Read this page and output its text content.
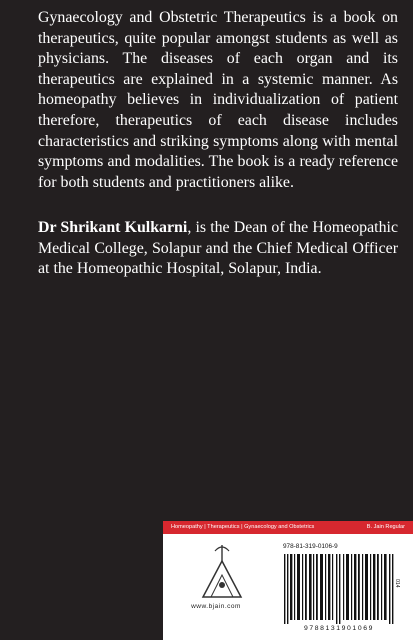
Gynaecology and Obstetric Therapeutics is a book on therapeutics, quite popular amongst students as well as physicians. The diseases of each organ and its therapeutics are explained in a systemic manner. As homeopathy believes in individualization of patient therefore, therapeutics of each disease includes characteristics and striking symptoms along with mental symptoms and modalities. The book is a ready reference for both students and practitioners alike.

Dr Shrikant Kulkarni, is the Dean of the Homeopathic Medical College, Solapur and the Chief Medical Officer at the Homeopathic Hospital, Solapur, India.

Homeopathy | Therapeutics | Gynaecology and Obstetrics	B. Jain Regular
www.bjain.com
978-81-319-0106-9
9788131901069
014
